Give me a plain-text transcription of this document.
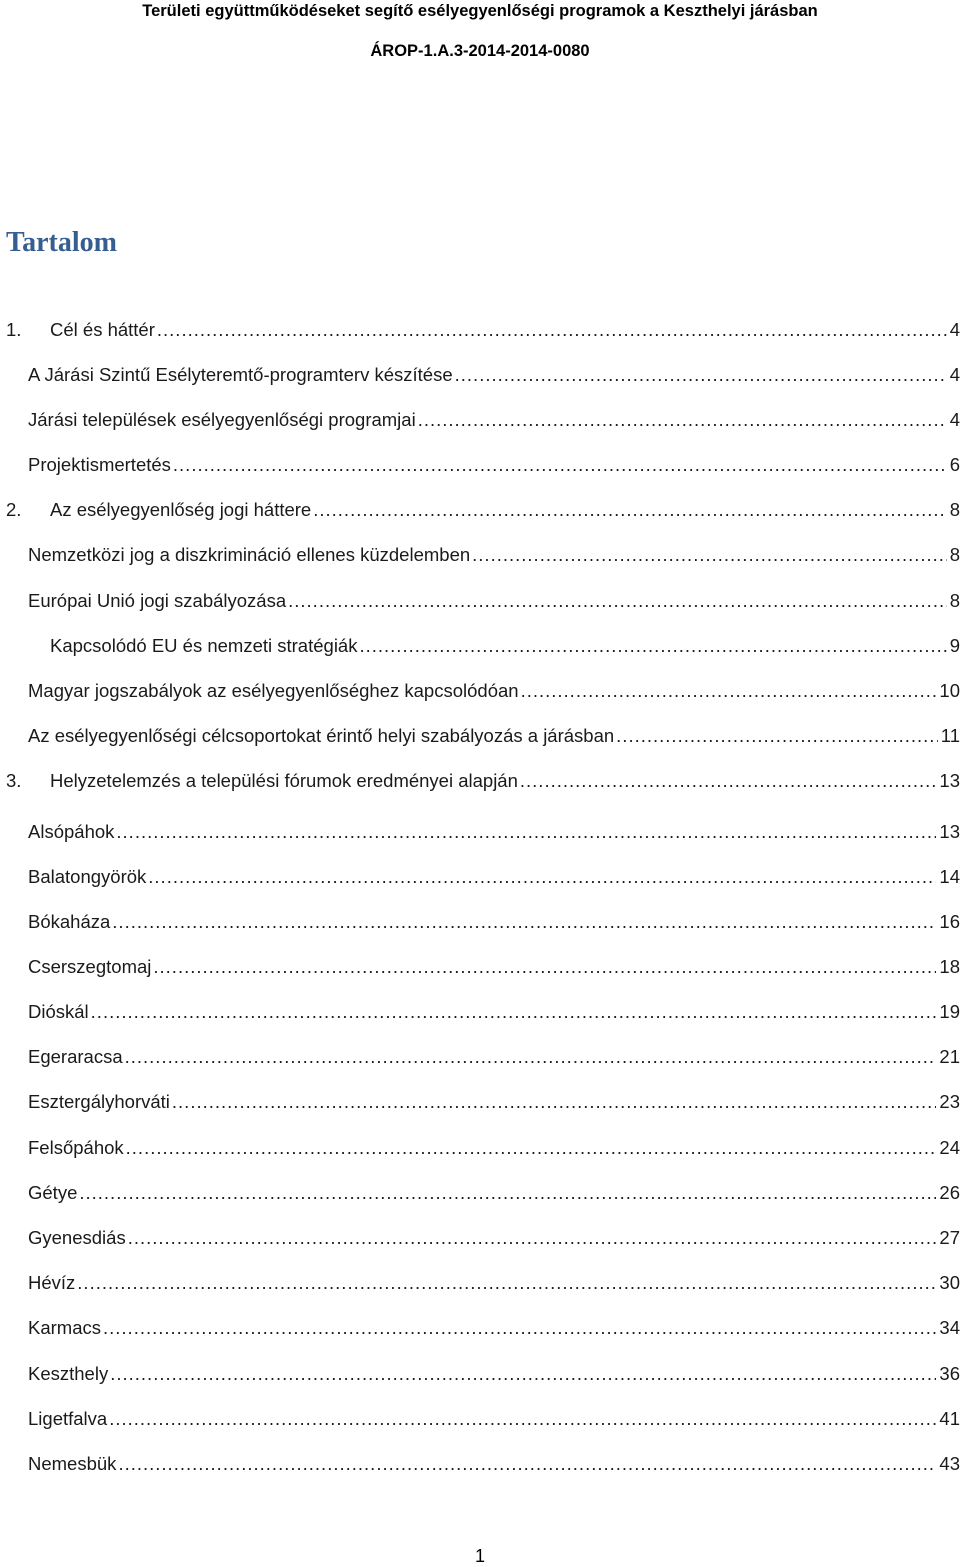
Területi együttműködéseket segítő esélyegyenlőségi programok a Keszthelyi járásban
ÁROP-1.A.3-2014-2014-0080
Tartalom
1. Cél és háttér .....	4
A Járási Szintű Esélyteremtő-programterv készítése .....	4
Járási települések esélyegyenlőségi programjai .....	4
Projektismertetés .....	6
2. Az esélyegyenlőség jogi háttere .....	8
Nemzetközi jog a diszkrimináció ellenes küzdelemben .....	8
Európai Unió jogi szabályozása .....	8
Kapcsolódó EU és nemzeti stratégiák .....	9
Magyar jogszabályok az esélyegyenlőséghez kapcsolódóan .....	10
Az esélyegyenlőségi célcsoportokat érintő helyi szabályozás a járásban .....	11
3. Helyzetelemzés a települési fórumok eredményei alapján .....	13
Alsópáhok .....	13
Balatongyörök .....	14
Bókaháza .....	16
Cserszegtomaj .....	18
Dióskál .....	19
Egeraracsa .....	21
Esztergályhorváti .....	23
Felsőpáhok .....	24
Gétye .....	26
Gyenesdiás .....	27
Hévíz .....	30
Karmacs .....	34
Keszthely .....	36
Ligetfalva .....	41
Nemesbük .....	43
1
